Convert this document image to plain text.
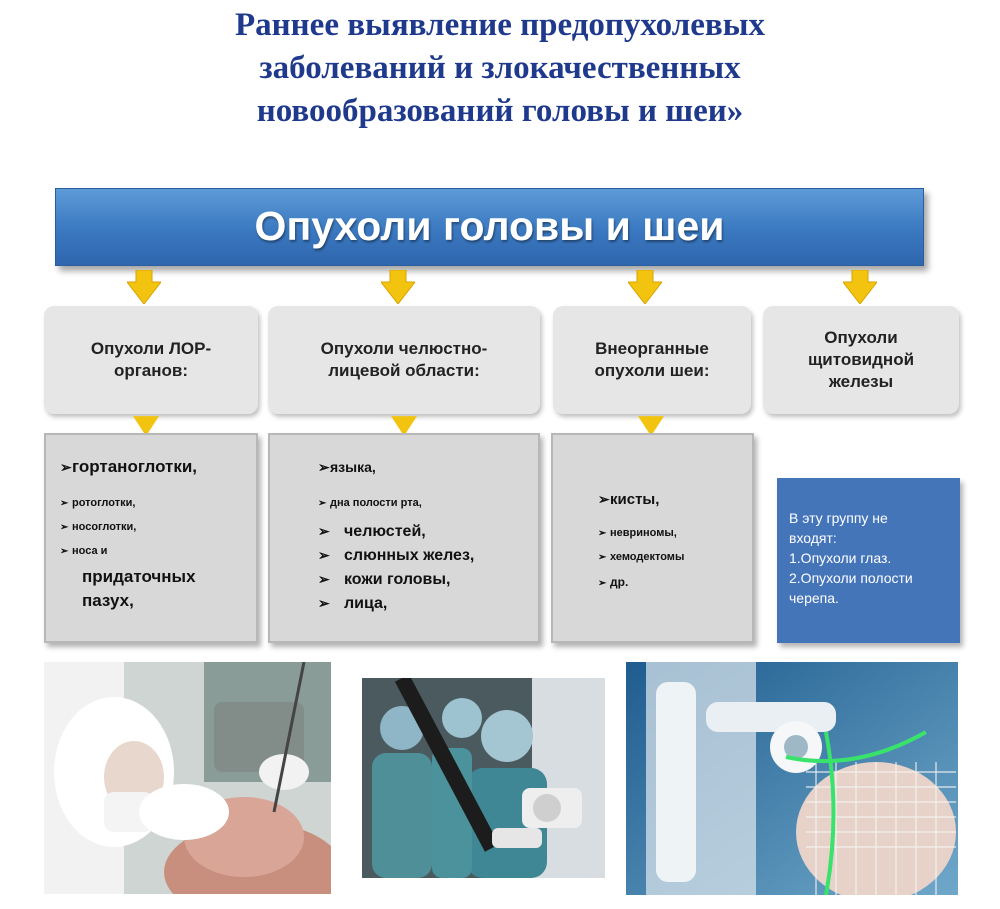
Раннее выявление предопухолевых
заболеваний и злокачественных
новообразований головы и шеи»
Опухоли головы и шеи
Опухоли ЛОР-
органов:
Опухоли челюстно-
лицевой области:
Внеорганные
опухоли шеи:
Опухоли
щитовидной
железы
➢гортаноглотки,
➢ ротоглотки,
➢ носоглотки,
➢ носа и
придаточных
пазух,
➢языка,
➢ дна полости рта,
➢ челюстей,
➢ слюнных желез,
➢ кожи головы,
➢ лица,
➢кисты,
➢ невриномы,
➢ хемодектомы
➢ др.
В эту группу не
входят:
1.Опухоли глаз.
2.Опухоли полости
черепа.
